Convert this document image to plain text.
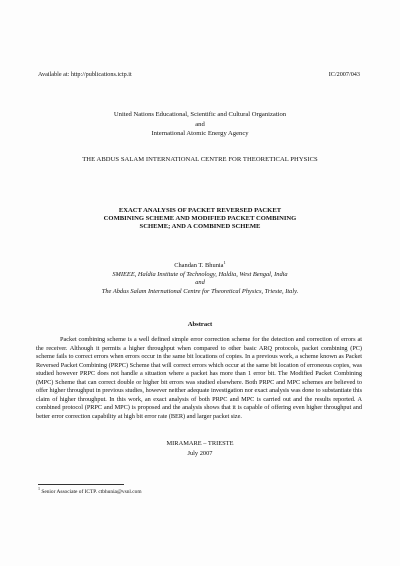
Available at: http://publications.ictp.it	IC/2007/043
United Nations Educational, Scientific and Cultural Organization
and
International Atomic Energy Agency
THE ABDUS SALAM INTERNATIONAL CENTRE FOR THEORETICAL PHYSICS
EXACT ANALYSIS OF PACKET REVERSED PACKET
COMBINING SCHEME AND MODIFIED PACKET COMBINING
SCHEME; AND A COMBINED SCHEME
Chandan T. Bhunia$^1$
SMIEEE, Haldia Institute of Technology, Haldia, West Bengal, India
and
The Abdus Salam International Centre for Theoretical Physics, Trieste, Italy.
Abstract
Packet combining scheme is a well defined simple error correction scheme for the detection and correction of errors at the receiver. Although it permits a higher throughput when compared to other basic ARQ protocols, packet combining (PC) scheme fails to correct errors when errors occur in the same bit locations of copies. In a previous work, a scheme known as Packet Reversed Packet Combining (PRPC) Scheme that will correct errors which occur at the same bit location of erroneous copies, was studied however PRPC does not handle a situation where a packet has more than 1 error bit. The Modified Packet Combining (MPC) Scheme that can correct double or higher bit errors was studied elsewhere. Both PRPC and MPC schemes are believed to offer higher throughput in previous studies, however neither adequate investigation nor exact analysis was done to substantiate this claim of higher throughput. In this work, an exact analysis of both PRPC and MPC is carried out and the results reported. A combined protocol (PRPC and MPC) is proposed and the analysis shows that it is capable of offering even higher throughput and better error correction capability at high bit error rate (BER) and larger packet size.
MIRAMARE – TRIESTE
July 2007
$^1$ Senior Associate of ICTP. ctbhunia@vsnl.com
